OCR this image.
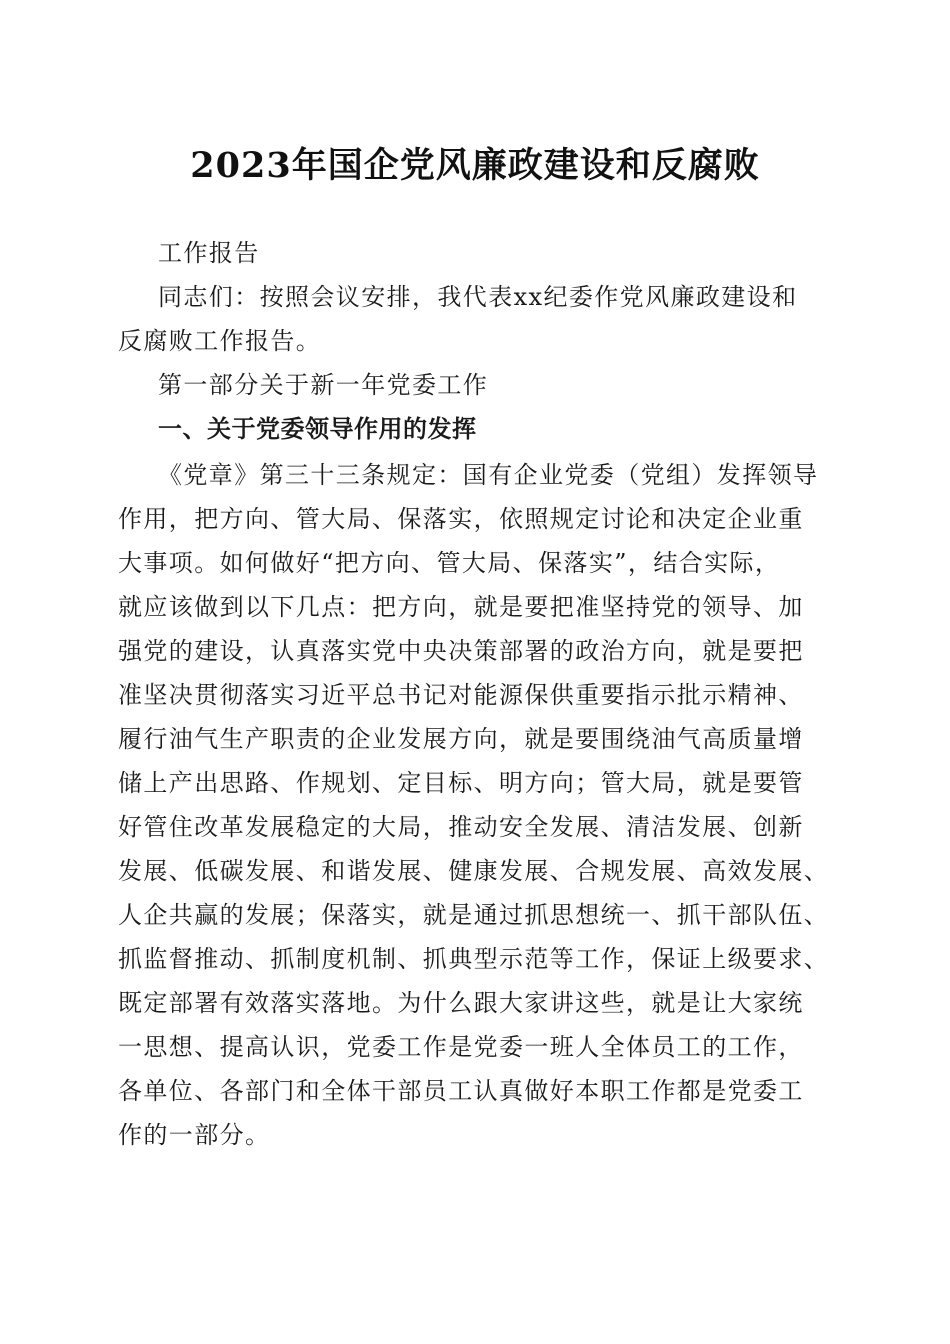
2023年国企党风廉政建设和反腐败
工作报告
同志们：按照会议安排，我代表xx纪委作党风廉政建设和
反腐败工作报告。
第一部分关于新一年党委工作
一、关于党委领导作用的发挥
《党章》第三十三条规定：国有企业党委（党组）发挥领导
作用，把方向、管大局、保落实，依照规定讨论和决定企业重
大事项。如何做好“把方向、管大局、保落实”，结合实际，
就应该做到以下几点：把方向，就是要把准坚持党的领导、加
强党的建设，认真落实党中央决策部署的政治方向，就是要把
准坚决贯彻落实习近平总书记对能源保供重要指示批示精神、
履行油气生产职责的企业发展方向，就是要围绕油气高质量增
储上产出思路、作规划、定目标、明方向；管大局，就是要管
好管住改革发展稳定的大局，推动安全发展、清洁发展、创新
发展、低碳发展、和谐发展、健康发展、合规发展、高效发展、
人企共赢的发展；保落实，就是通过抓思想统一、抓干部队伍、
抓监督推动、抓制度机制、抓典型示范等工作，保证上级要求、
既定部署有效落实落地。为什么跟大家讲这些，就是让大家统
一思想、提高认识，党委工作是党委一班人全体员工的工作，
各单位、各部门和全体干部员工认真做好本职工作都是党委工
作的一部分。
